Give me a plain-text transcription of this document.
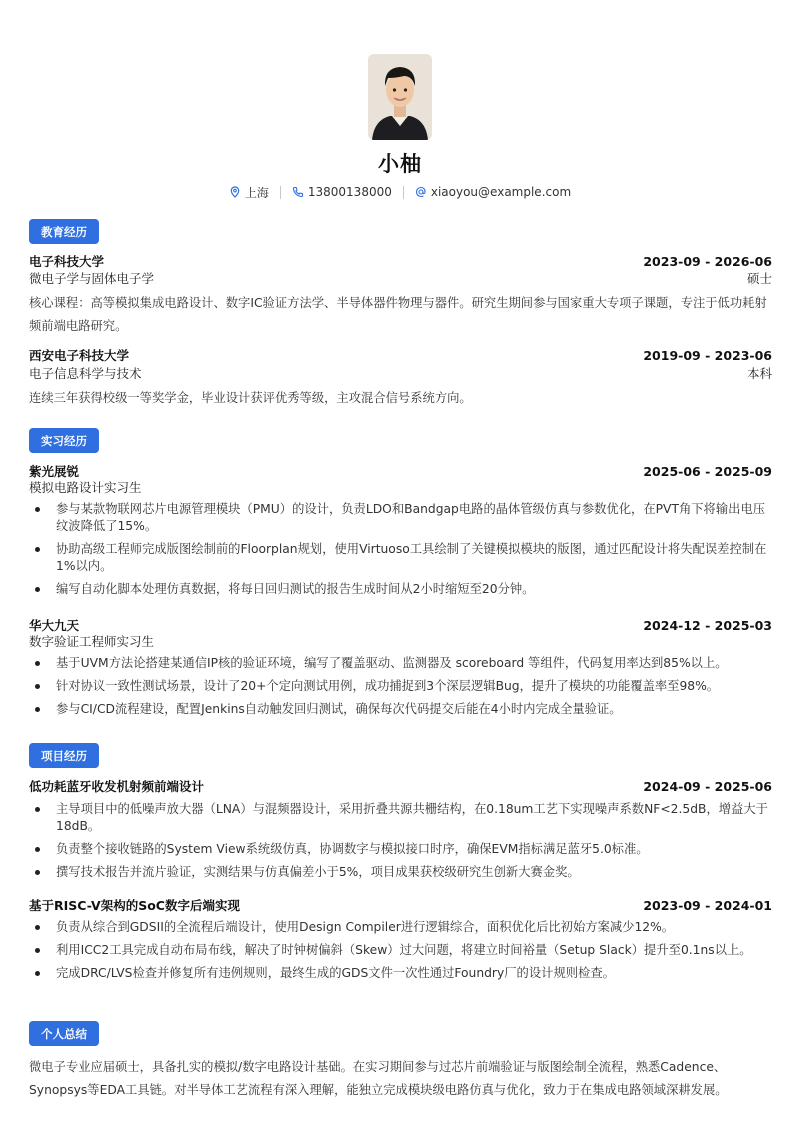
小柚
上海	13800138000	xiaoyou@example.com
教育经历
电子科技大学	2023-09 - 2026-06
微电子学与固体电子学	硕士
核心课程：高等模拟集成电路设计、数字IC验证方法学、半导体器件物理与器件。研究生期间参与国家重大专项子课题，专注于低功耗射频前端电路研究。
西安电子科技大学	2019-09 - 2023-06
电子信息科学与技术	本科
连续三年获得校级一等奖学金，毕业设计获评优秀等级，主攻混合信号系统方向。
实习经历
紫光展锐	2025-06 - 2025-09
模拟电路设计实习生
参与某款物联网芯片电源管理模块（PMU）的设计，负责LDO和Bandgap电路的晶体管级仿真与参数优化，在PVT角下将输出电压纹波降低了15%。
协助高级工程师完成版图绘制前的Floorplan规划，使用Virtuoso工具绘制了关键模拟模块的版图，通过匹配设计将失配误差控制在1%以内。
编写自动化脚本处理仿真数据，将每日回归测试的报告生成时间从2小时缩短至20分钟。
华大九天	2024-12 - 2025-03
数字验证工程师实习生
基于UVM方法论搭建某通信IP核的验证环境，编写了覆盖驱动、监测器及 scoreboard 等组件，代码复用率达到85%以上。
针对协议一致性测试场景，设计了20+个定向测试用例，成功捕捉到3个深层逻辑Bug，提升了模块的功能覆盖率至98%。
参与CI/CD流程建设，配置Jenkins自动触发回归测试，确保每次代码提交后能在4小时内完成全量验证。
项目经历
低功耗蓝牙收发机射频前端设计	2024-09 - 2025-06
主导项目中的低噪声放大器（LNA）与混频器设计，采用折叠共源共栅结构，在0.18um工艺下实现噪声系数NF<2.5dB，增益大于18dB。
负责整个接收链路的System View系统级仿真，协调数字与模拟接口时序，确保EVM指标满足蓝牙5.0标准。
撰写技术报告并流片验证，实测结果与仿真偏差小于5%，项目成果获校级研究生创新大赛金奖。
基于RISC-V架构的SoC数字后端实现	2023-09 - 2024-01
负责从综合到GDSII的全流程后端设计，使用Design Compiler进行逻辑综合，面积优化后比初始方案减少12%。
利用ICC2工具完成自动布局布线，解决了时钟树偏斜（Skew）过大问题，将建立时间裕量（Setup Slack）提升至0.1ns以上。
完成DRC/LVS检查并修复所有违例规则，最终生成的GDS文件一次性通过Foundry厂的设计规则检查。
个人总结
微电子专业应届硕士，具备扎实的模拟/数字电路设计基础。在实习期间参与过芯片前端验证与版图绘制全流程，熟悉Cadence、Synopsys等EDA工具链。对半导体工艺流程有深入理解，能独立完成模块级电路仿真与优化，致力于在集成电路领域深耕发展。
